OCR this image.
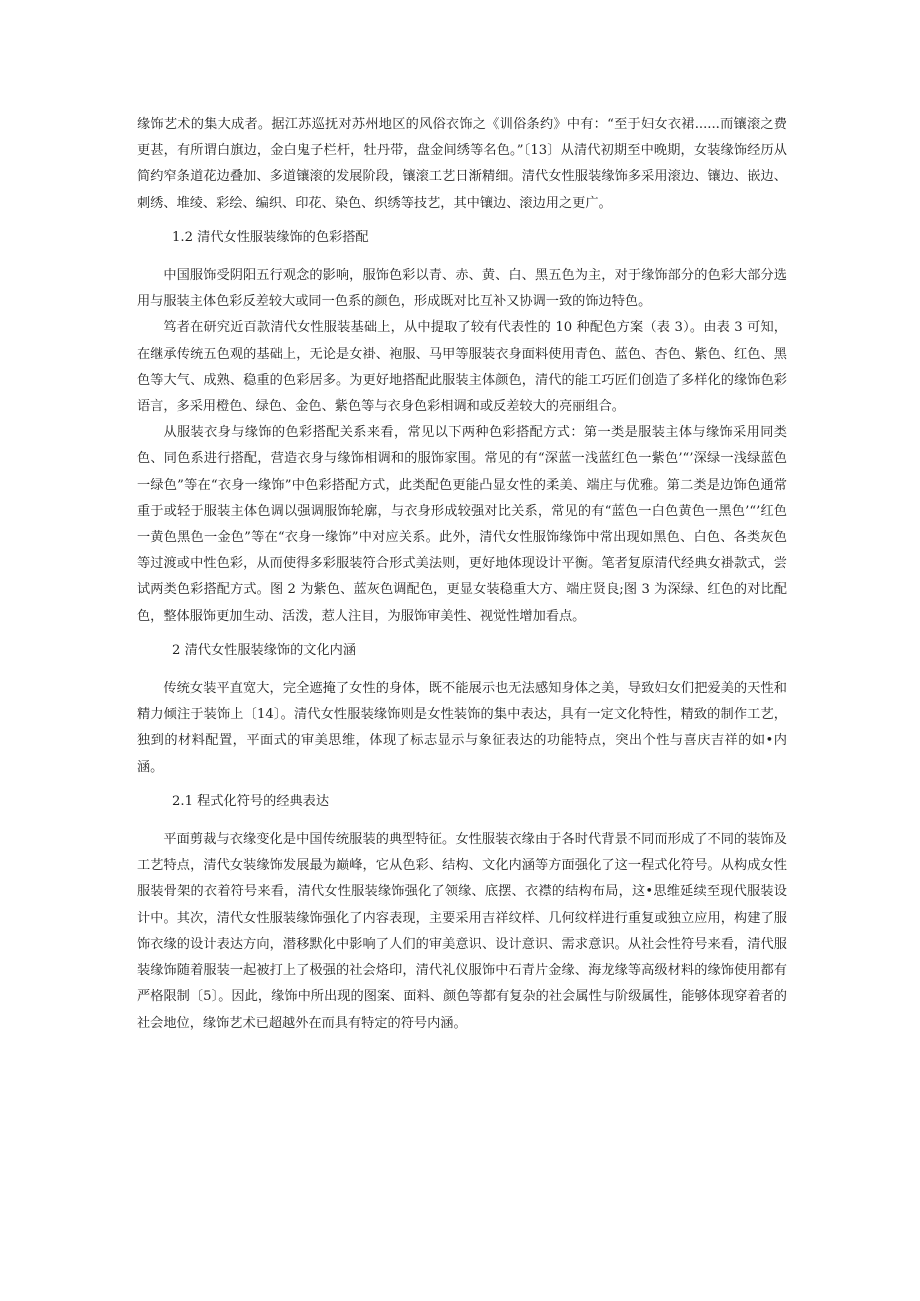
缘饰艺术的集大成者。据江苏巡抚对苏州地区的风俗衣饰之《训俗条约》中有：“至于妇女衣裙......而镶滚之费更甚，有所谓白旗边，金白鬼子栏杆，牡丹带，盘金间绣等名色。”〔13〕从清代初期至中晚期，女装缘饰经历从简约窄条道花边叠加、多道镶滚的发展阶段，镶滚工艺日渐精细。清代女性服装缘饰多采用滚边、镶边、嵌边、刺绣、堆绫、彩绘、编织、印花、染色、织绣等技艺，其中镶边、滚边用之更广。

1.2 清代女性服装缘饰的色彩搭配

中国服饰受阴阳五行观念的影响，服饰色彩以青、赤、黄、白、黑五色为主，对于缘饰部分的色彩大部分选用与服装主体色彩反差较大或同一色系的颜色，形成既对比互补又协调一致的饰边特色。

笃者在研究近百款清代女性服装基础上，从中提取了较有代表性的 10 种配色方案（表 3）。由表 3 可知，在继承传统五色观的基础上，无论是女褂、袍服、马甲等服装衣身面料使用青色、蓝色、杏色、紫色、红色、黑色等大气、成熟、稳重的色彩居多。为更好地搭配此服装主体颜色，清代的能工巧匠们创造了多样化的缘饰色彩语言，多采用橙色、绿色、金色、紫色等与衣身色彩相调和或反差较大的亮丽组合。

从服装衣身与缘饰的色彩搭配关系来看，常见以下两种色彩搭配方式：第一类是服装主体与缘饰采用同类色、同色系进行搭配，营造衣身与缘饰相调和的服饰家围。常见的有“深蓝一浅蓝红色一紫色’“’深绿一浅绿蓝色一绿色”等在“衣身一缘饰”中色彩搭配方式，此类配色更能凸显女性的柔美、端庄与优雅。第二类是边饰色通常重于或轻于服装主体色调以强调服饰轮廓，与衣身形成较强对比关系，常见的有“蓝色一白色黄色一黑色’“’红色一黄色黑色一金色”等在“衣身一缘饰”中对应关系。此外，清代女性服饰缘饰中常出现如黑色、白色、各类灰色等过渡或中性色彩，从而使得多彩服装符合形式美法则，更好地体现设计平衡。笔者复原清代经典女褂款式，尝试两类色彩搭配方式。图 2 为紫色、蓝灰色调配色，更显女装稳重大方、端庄贤良;图 3 为深绿、红色的对比配色，整体服饰更加生动、活泼，惹人注目，为服饰审美性、视觉性增加看点。

2 清代女性服装缘饰的文化内涵

传统女装平直宽大，完全遮掩了女性的身体，既不能展示也无法感知身体之美，导致妇女们把爱美的天性和精力倾注于装饰上〔14〕。清代女性服装缘饰则是女性装饰的集中表达，具有一定文化特性，精致的制作工艺，独到的材料配置，平面式的审美思维，体现了标志显示与象征表达的功能特点，突出个性与喜庆吉祥的如•内涵。

2.1 程式化符号的经典表达

平面剪裁与衣缘变化是中国传统服装的典型特征。女性服装衣缘由于各时代背景不同而形成了不同的装饰及工艺特点，清代女装缘饰发展最为巅峰，它从色彩、结构、文化内涵等方面强化了这一程式化符号。从构成女性服装骨架的衣着符号来看，清代女性服装缘饰强化了领缘、底摆、衣襟的结构布局，这•思维延续至现代服装设计中。其次，清代女性服装缘饰强化了内容表现，主要采用吉祥纹样、几何纹样进行重复或独立应用，构建了服饰衣缘的设计表达方向，潜移默化中影响了人们的审美意识、设计意识、需求意识。从社会性符号来看，清代服装缘饰随着服装一起被打上了极强的社会烙印，清代礼仪服饰中石青片金缘、海龙缘等高级材料的缘饰使用都有严格限制〔5〕。因此，缘饰中所出现的图案、面料、颜色等都有复杂的社会属性与阶级属性，能够体现穿着者的社会地位，缘饰艺术已超越外在而具有特定的符号内涵。
